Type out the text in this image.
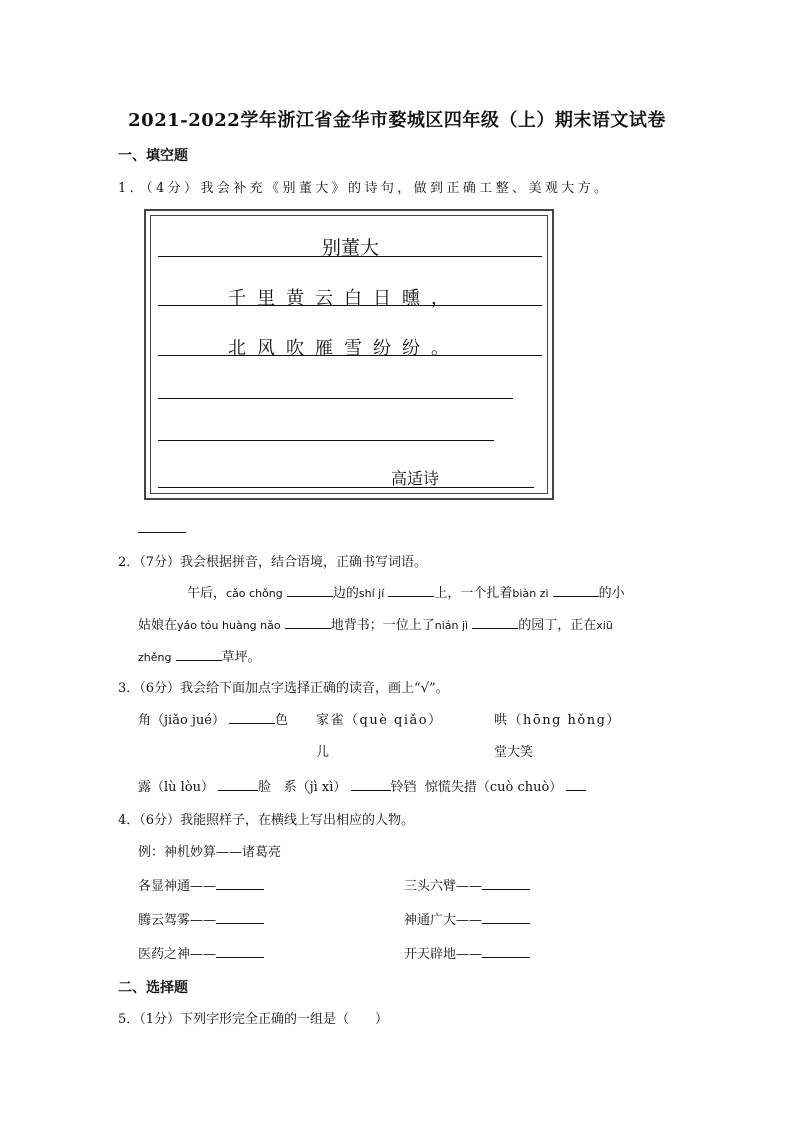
2021-2022学年浙江省金华市婺城区四年级（上）期末语文试卷
一、填空题
1．（4分）我会补充《别董大》的诗句，做到正确工整、美观大方。
别董大
千里黄云白日曛，
北风吹雁雪纷纷。
高适诗
2．（7分）我会根据拼音，结合语境，正确书写词语。
午后，cǎo chǒng	边的shí jí	上，一个扎着biàn zi	的小
姑娘在yáo tóu huàng nǎo	地背书；一位上了nián jì	的园丁，正在xiū
zhěng	草坪。
3．（6分）我会给下面加点字选择正确的读音，画上“√”。
角（jiǎo jué）	色 家雀（què qiǎo）
儿
哄（hōng hǒng）
堂大笑
露（lù lòu）	脸 系（jì xì）	铃铛 惊慌失措（cuò chuò）
4．（6分）我能照样子，在横线上写出相应的人物。
例：神机妙算——诸葛亮
各显神通——	三头六臂——
腾云驾雾——	神通广大——
医药之神——	开天辟地——
二、选择题
5．（1分）下列字形完全正确的一组是（　　）
